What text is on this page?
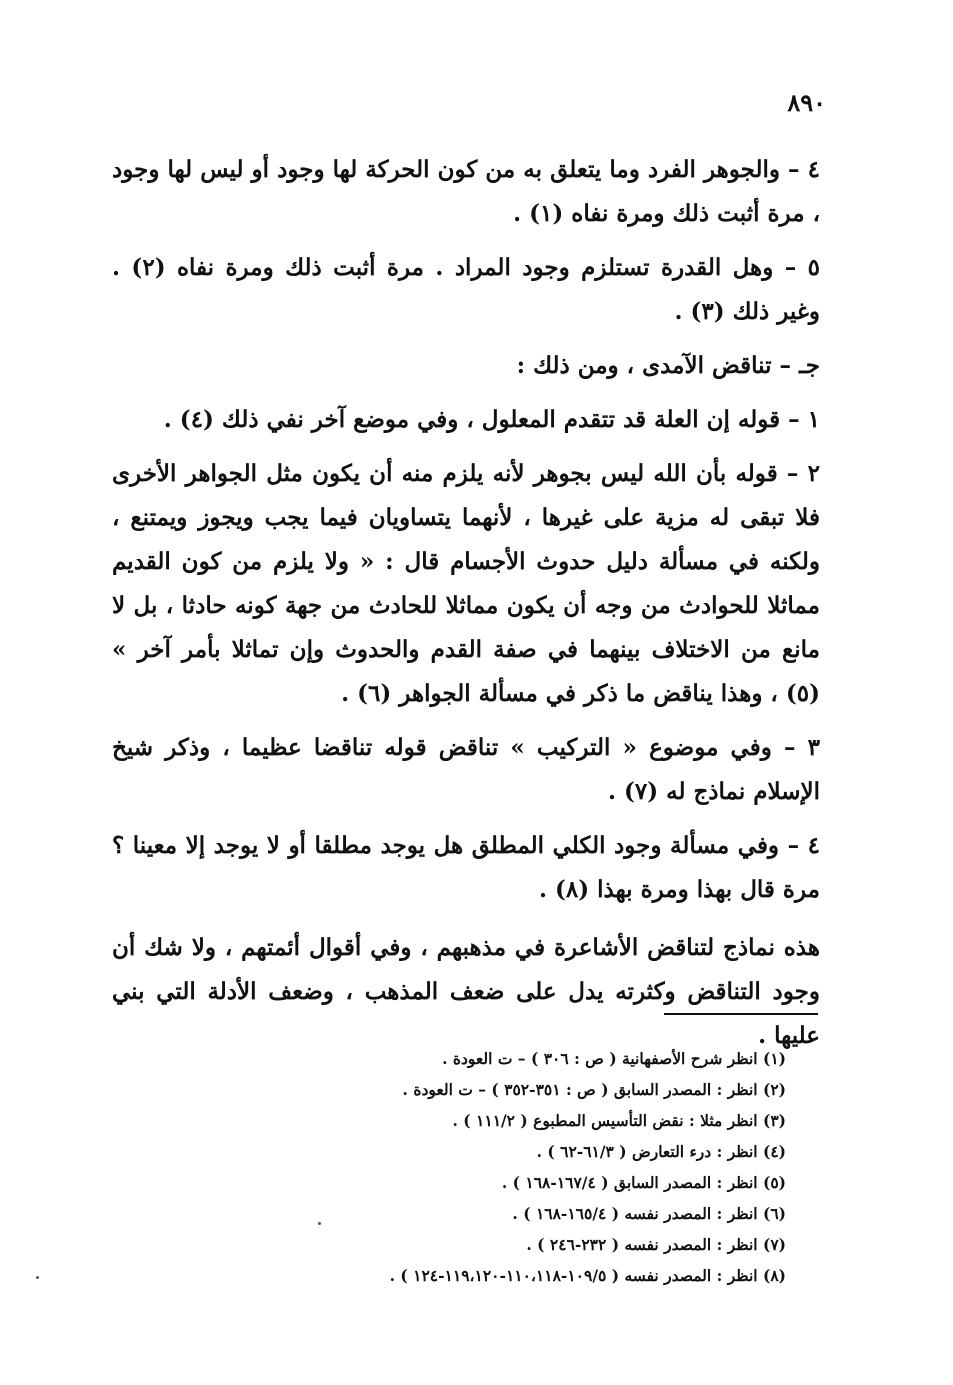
٨٩٠

٤ – والجوهر الفرد وما يتعلق به من كون الحركة لها وجود أو ليس لها وجود ، مرة أثبت ذلك ومرة نفاه (١) .

٥ – وهل القدرة تستلزم وجود المراد . مرة أثبت ذلك ومرة نفاه (٢) . وغير ذلك (٣) .

جـ – تناقض الآمدى ، ومن ذلك :

١ – قوله إن العلة قد تتقدم المعلول ، وفي موضع آخر نفي ذلك (٤) .

٢ – قوله بأن الله ليس بجوهر لأنه يلزم منه أن يكون مثل الجواهر الأخرى فلا تبقى له مزية على غيرها ، لأنهما يتساويان فيما يجب ويجوز ويمتنع ، ولكنه في مسألة دليل حدوث الأجسام قال : « ولا يلزم من كون القديم مماثلا للحوادث من وجه أن يكون مماثلا للحادث من جهة كونه حادثا ، بل لا مانع من الاختلاف بينهما في صفة القدم والحدوث وإن تماثلا بأمر آخر » (٥) ، وهذا يناقض ما ذكر في مسألة الجواهر (٦) .

٣ – وفي موضوع « التركيب » تناقض قوله تناقضا عظيما ، وذكر شيخ الإسلام نماذج له (٧) .

٤ – وفي مسألة وجود الكلي المطلق هل يوجد مطلقا أو لا يوجد إلا معينا ؟ مرة قال بهذا ومرة بهذا (٨) .

هذه نماذج لتناقض الأشاعرة في مذهبهم ، وفي أقوال أئمتهم ، ولا شك أن وجود التناقض وكثرته يدل على ضعف المذهب ، وضعف الأدلة التي بني عليها .

(١) انظر شرح الأصفهانية ( ص : ٣٠٦ ) – ت العودة .

(٢) انظر : المصدر السابق ( ص : ٣٥١-٣٥٢ ) – ت العودة .

(٣) انظر مثلا : نقض التأسيس المطبوع ( ١١١/٢ ) .

(٤) انظر : درء التعارض ( ٦١/٣-٦٢ ) .

(٥) انظر : المصدر السابق ( ١٦٧/٤-١٦٨ ) .

(٦) انظر : المصدر نفسه ( ١٦٥/٤-١٦٨ ) .

(٧) انظر : المصدر نفسه ( ٢٣٢-٢٤٦ ) .

(٨) انظر : المصدر نفسه ( ١٠٩/٥-١١٠،١١٨-١١٩،١٢٠-١٢٤ ) .
